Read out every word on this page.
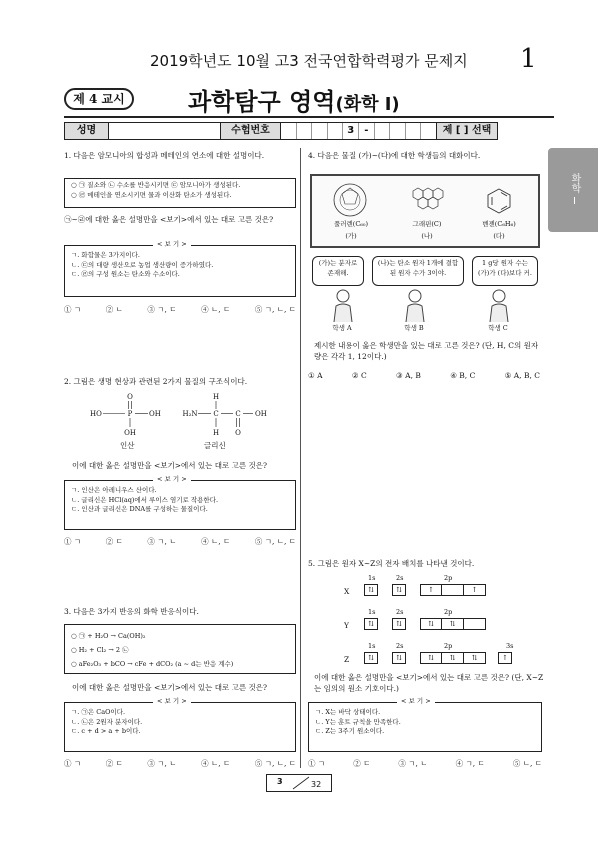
2019학년도 10월 고3 전국연합학력평가 문제지 1
제 4 교시	과학탐구 영역(화학 Ⅰ)
성명	수험번호	3	-	제 [ ] 선택
화학 Ⅰ
1. 다음은 암모니아의 합성과 메테인의 연소에 대한 설명이다.
○ ㉠ 질소와 ㉡ 수소를 반응시키면 ㉢ 암모니아가 생성된다.
○ ㉣ 메테인을 연소시키면 물과 이산화 탄소가 생성된다.
㉠~㉣에 대한 옳은 설명만을 <보기>에서 있는 대로 고른 것은?
< 보 기 >
ㄱ. 화합물은 3가지이다.
ㄴ. ㉢의 대량 생산으로 농업 생산량이 증가하였다.
ㄷ. ㉣의 구성 원소는 탄소와 수소이다.
① ㄱ	② ㄴ	③ ㄱ, ㄷ	④ ㄴ, ㄷ	⑤ ㄱ, ㄴ, ㄷ
2. 그림은 생명 현상과 관련된 2가지 물질의 구조식이다.
O
HO	P OH
OH
H
H₂N C C OH
H O
인산	글리신
이에 대한 옳은 설명만을 <보기>에서 있는 대로 고른 것은?
< 보 기 >
ㄱ. 인산은 아레니우스 산이다.
ㄴ. 글리신은 HCl(aq)에서 루이스 염기로 작용한다.
ㄷ. 인산과 글리신은 DNA를 구성하는 물질이다.
① ㄱ	② ㄷ	③ ㄱ, ㄴ	④ ㄴ, ㄷ	⑤ ㄱ, ㄴ, ㄷ
3. 다음은 3가지 반응의 화학 반응식이다.
○ ㉠ + H₂O → Ca(OH)₂
○ H₂ + Cl₂ → 2 ㉡
○ aFe₂O₃ + bCO → cFe + dCO₂ (a ~ d는 반응 계수)
이에 대한 옳은 설명만을 <보기>에서 있는 대로 고른 것은?
< 보 기 >
ㄱ. ㉠은 CaO이다.
ㄴ. ㉡은 2원자 분자이다.
ㄷ. c + d > a + b이다.
① ㄱ	② ㄷ	③ ㄱ, ㄴ	④ ㄴ, ㄷ	⑤ ㄱ, ㄴ, ㄷ
4. 다음은 물질 (가)~(다)에 대한 학생들의 대화이다.
풀러렌(C₆₀)	그래핀(C)	벤젠(C₆H₆)
(가)	(나)	(다)
(가)는 분자로 존재해.
(나)는 탄소 원자 1개에 결합된 원자 수가 3이야.
1 g당 원자 수는 (가)가 (다)보다 커.
학생 A	학생 B	학생 C
제시한 내용이 옳은 학생만을 있는 대로 고른 것은? (단, H, C의 원자량은 각각 1, 12이다.)
① A	② C	③ A, B	④ B, C	⑤ A, B, C
5. 그림은 원자 X~Z의 전자 배치를 나타낸 것이다.
1s	2s	2p
X	⇅	⇅	↑	↑
1s	2s	2p
Y	⇅	⇅	⇅	⇅
1s	2s	2p	3s
Z	⇅	⇅	⇅	⇅	⇅	↑
이에 대한 옳은 설명만을 <보기>에서 있는 대로 고른 것은? (단, X~Z는 임의의 원소 기호이다.)
< 보 기 >
ㄱ. X는 바닥 상태이다.
ㄴ. Y는 훈트 규칙을 만족한다.
ㄷ. Z는 3주기 원소이다.
① ㄱ	② ㄷ	③ ㄱ, ㄴ	④ ㄱ, ㄷ	⑤ ㄴ, ㄷ
3	32
